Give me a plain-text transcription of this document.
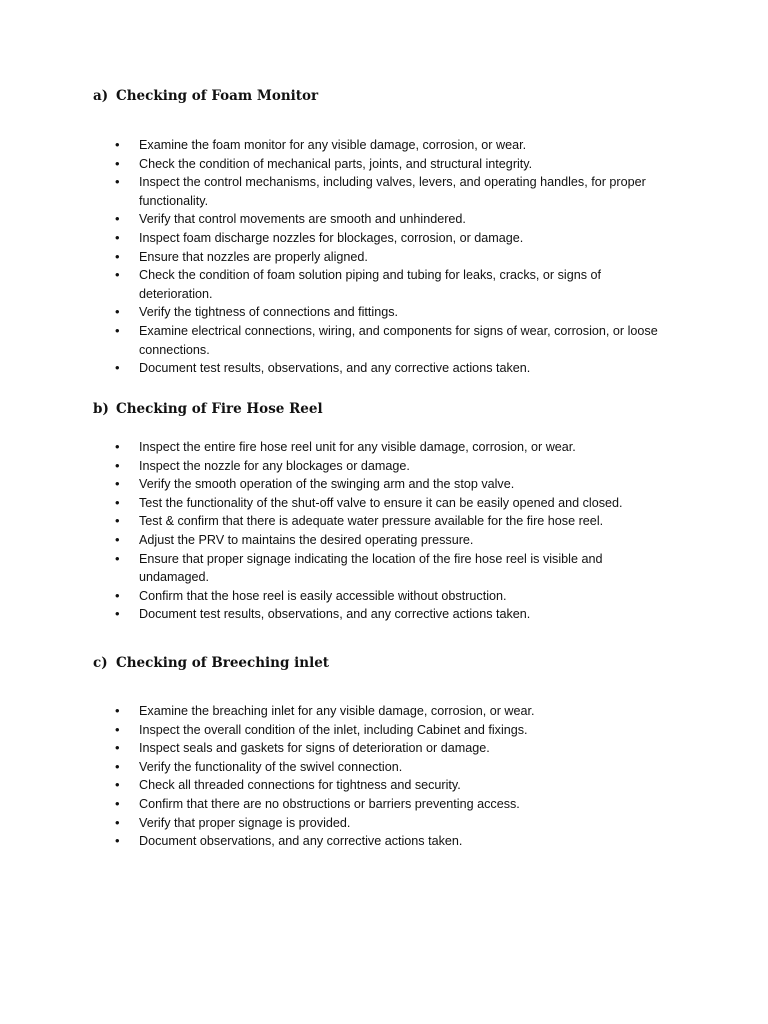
a) Checking of Foam Monitor
• Examine the foam monitor for any visible damage, corrosion, or wear.
• Check the condition of mechanical parts, joints, and structural integrity.
• Inspect the control mechanisms, including valves, levers, and operating handles, for proper functionality.
• Verify that control movements are smooth and unhindered.
• Inspect foam discharge nozzles for blockages, corrosion, or damage.
• Ensure that nozzles are properly aligned.
• Check the condition of foam solution piping and tubing for leaks, cracks, or signs of deterioration.
• Verify the tightness of connections and fittings.
• Examine electrical connections, wiring, and components for signs of wear, corrosion, or loose connections.
• Document test results, observations, and any corrective actions taken.
b) Checking of Fire Hose Reel
• Inspect the entire fire hose reel unit for any visible damage, corrosion, or wear.
• Inspect the nozzle for any blockages or damage.
• Verify the smooth operation of the swinging arm and the stop valve.
• Test the functionality of the shut-off valve to ensure it can be easily opened and closed.
• Test & confirm that there is adequate water pressure available for the fire hose reel.
• Adjust the PRV to maintains the desired operating pressure.
• Ensure that proper signage indicating the location of the fire hose reel is visible and undamaged.
• Confirm that the hose reel is easily accessible without obstruction.
• Document test results, observations, and any corrective actions taken.
c) Checking of Breeching inlet
• Examine the breaching inlet for any visible damage, corrosion, or wear.
• Inspect the overall condition of the inlet, including Cabinet and fixings.
• Inspect seals and gaskets for signs of deterioration or damage.
• Verify the functionality of the swivel connection.
• Check all threaded connections for tightness and security.
• Confirm that there are no obstructions or barriers preventing access.
• Verify that proper signage is provided.
• Document observations, and any corrective actions taken.
